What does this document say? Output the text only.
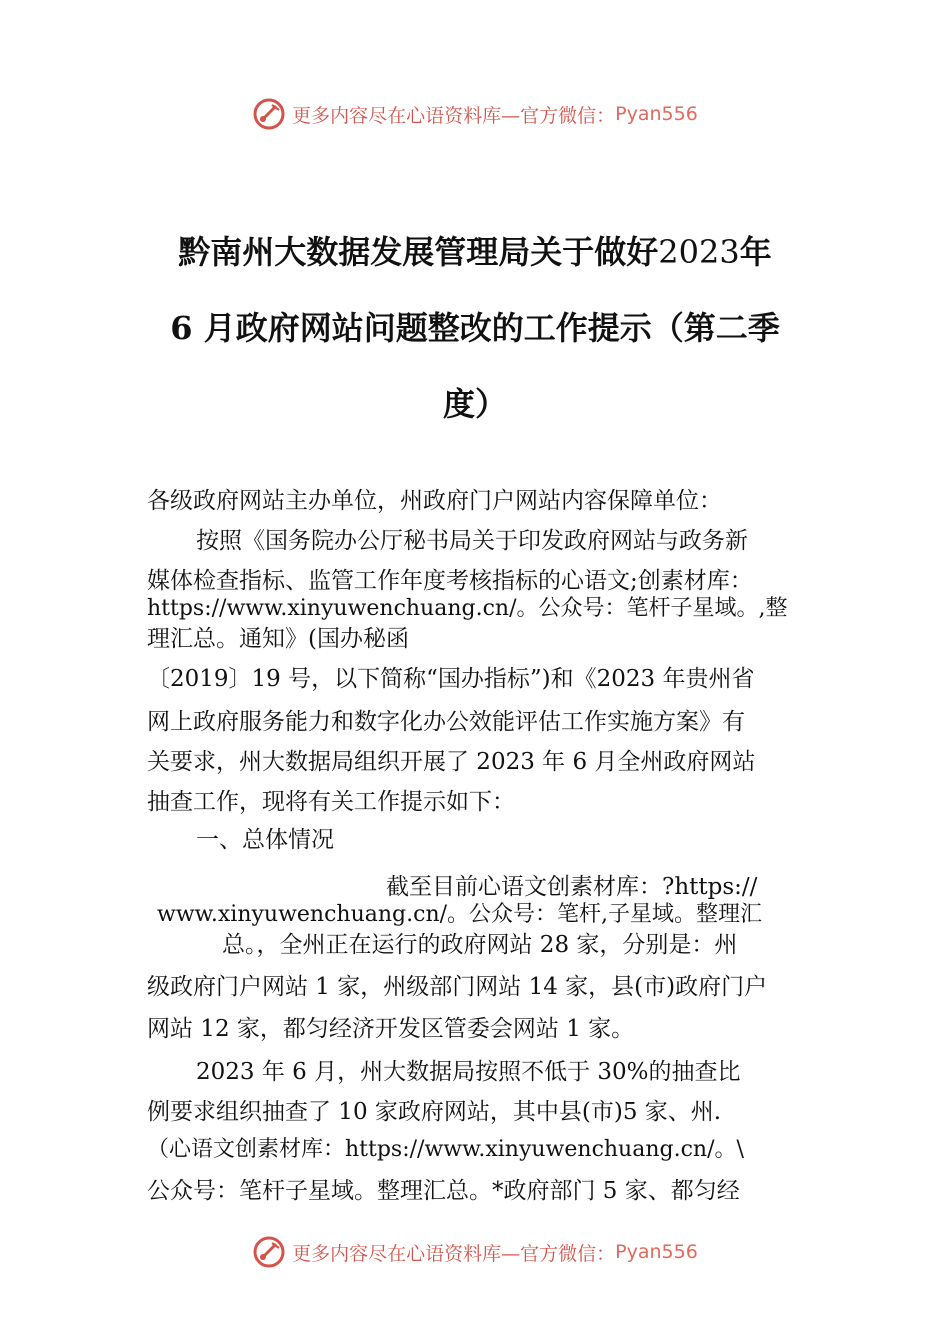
更多内容尽在心语资料库—官方微信： Pyan556
黔南州大数据发展管理局关于做好2023年
6 月政府网站问题整改的工作提示（第二季
度）
各级政府网站主办单位，州政府门户网站内容保障单位：
按照《国务院办公厅秘书局关于印发政府网站与政务新
媒体检查指标、监管工作年度考核指标的心语文;创素材库：
https://www.xinyuwenchuang.cn/。公众号：笔杆子星域。,整
理汇总。通知》(国办秘函
〔2019〕19 号，以下简称“国办指标”)和《2023 年贵州省
网上政府服务能力和数字化办公效能评估工作实施方案》有
关要求，州大数据局组织开展了 2023 年 6 月全州政府网站
抽查工作，现将有关工作提示如下：
一、总体情况
截至目前心语文创素材库：?https://
www.xinyuwenchuang.cn/。公众号：笔杆,子星域。整理汇
总。，全州正在运行的政府网站 28 家，分别是：州
级政府门户网站 1 家，州级部门网站 14 家，县(市)政府门户
网站 12 家，都匀经济开发区管委会网站 1 家。
2023 年 6 月，州大数据局按照不低于 30%的抽查比
例要求组织抽查了 10 家政府网站，其中县(市)5 家、州.
（心语文创素材库：https://www.xinyuwenchuang.cn/。\
公众号：笔杆子星域。整理汇总。*政府部门 5 家、都匀经
更多内容尽在心语资料库—官方微信： Pyan556
